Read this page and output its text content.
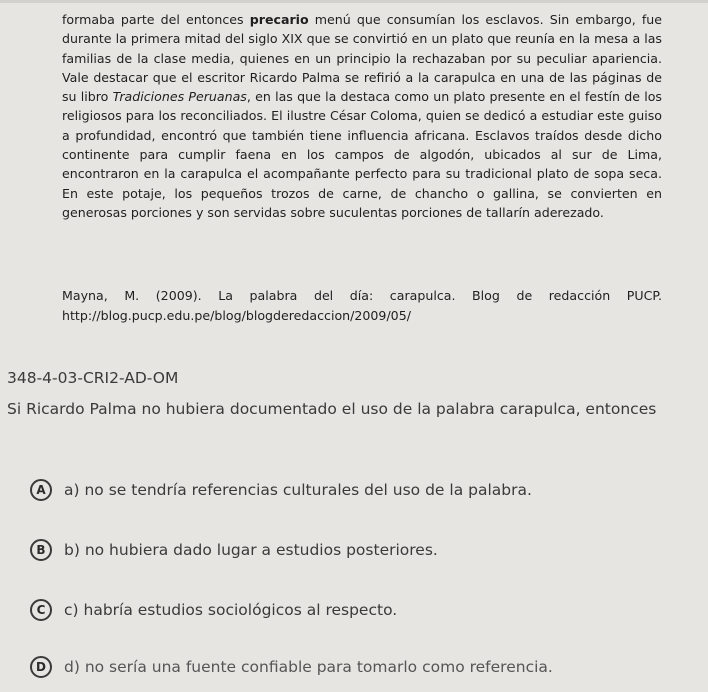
formaba parte del entonces precario menú que consumían los esclavos. Sin embargo, fue durante la primera mitad del siglo XIX que se convirtió en un plato que reunía en la mesa a las familias de la clase media, quienes en un principio la rechazaban por su peculiar apariencia. Vale destacar que el escritor Ricardo Palma se refirió a la carapulca en una de las páginas de su libro Tradiciones Peruanas, en las que la destaca como un plato presente en el festín de los religiosos para los reconciliados. El ilustre César Coloma, quien se dedicó a estudiar este guiso a profundidad, encontró que también tiene influencia africana. Esclavos traídos desde dicho continente para cumplir faena en los campos de algodón, ubicados al sur de Lima, encontraron en la carapulca el acompañante perfecto para su tradicional plato de sopa seca. En este potaje, los pequeños trozos de carne, de chancho o gallina, se convierten en generosas porciones y son servidas sobre suculentas porciones de tallarín aderezado.

Mayna, M. (2009). La palabra del día: carapulca. Blog de redacción PUCP.

http://blog.pucp.edu.pe/blog/blogderedaccion/2009/05/

348-4-03-CRI2-AD-OM
Si Ricardo Palma no hubiera documentado el uso de la palabra carapulca, entonces
A	a) no se tendría referencias culturales del uso de la palabra.
B	b) no hubiera dado lugar a estudios posteriores.
C	c) habría estudios sociológicos al respecto.
D	d) no sería una fuente confiable para tomarlo como referencia.
